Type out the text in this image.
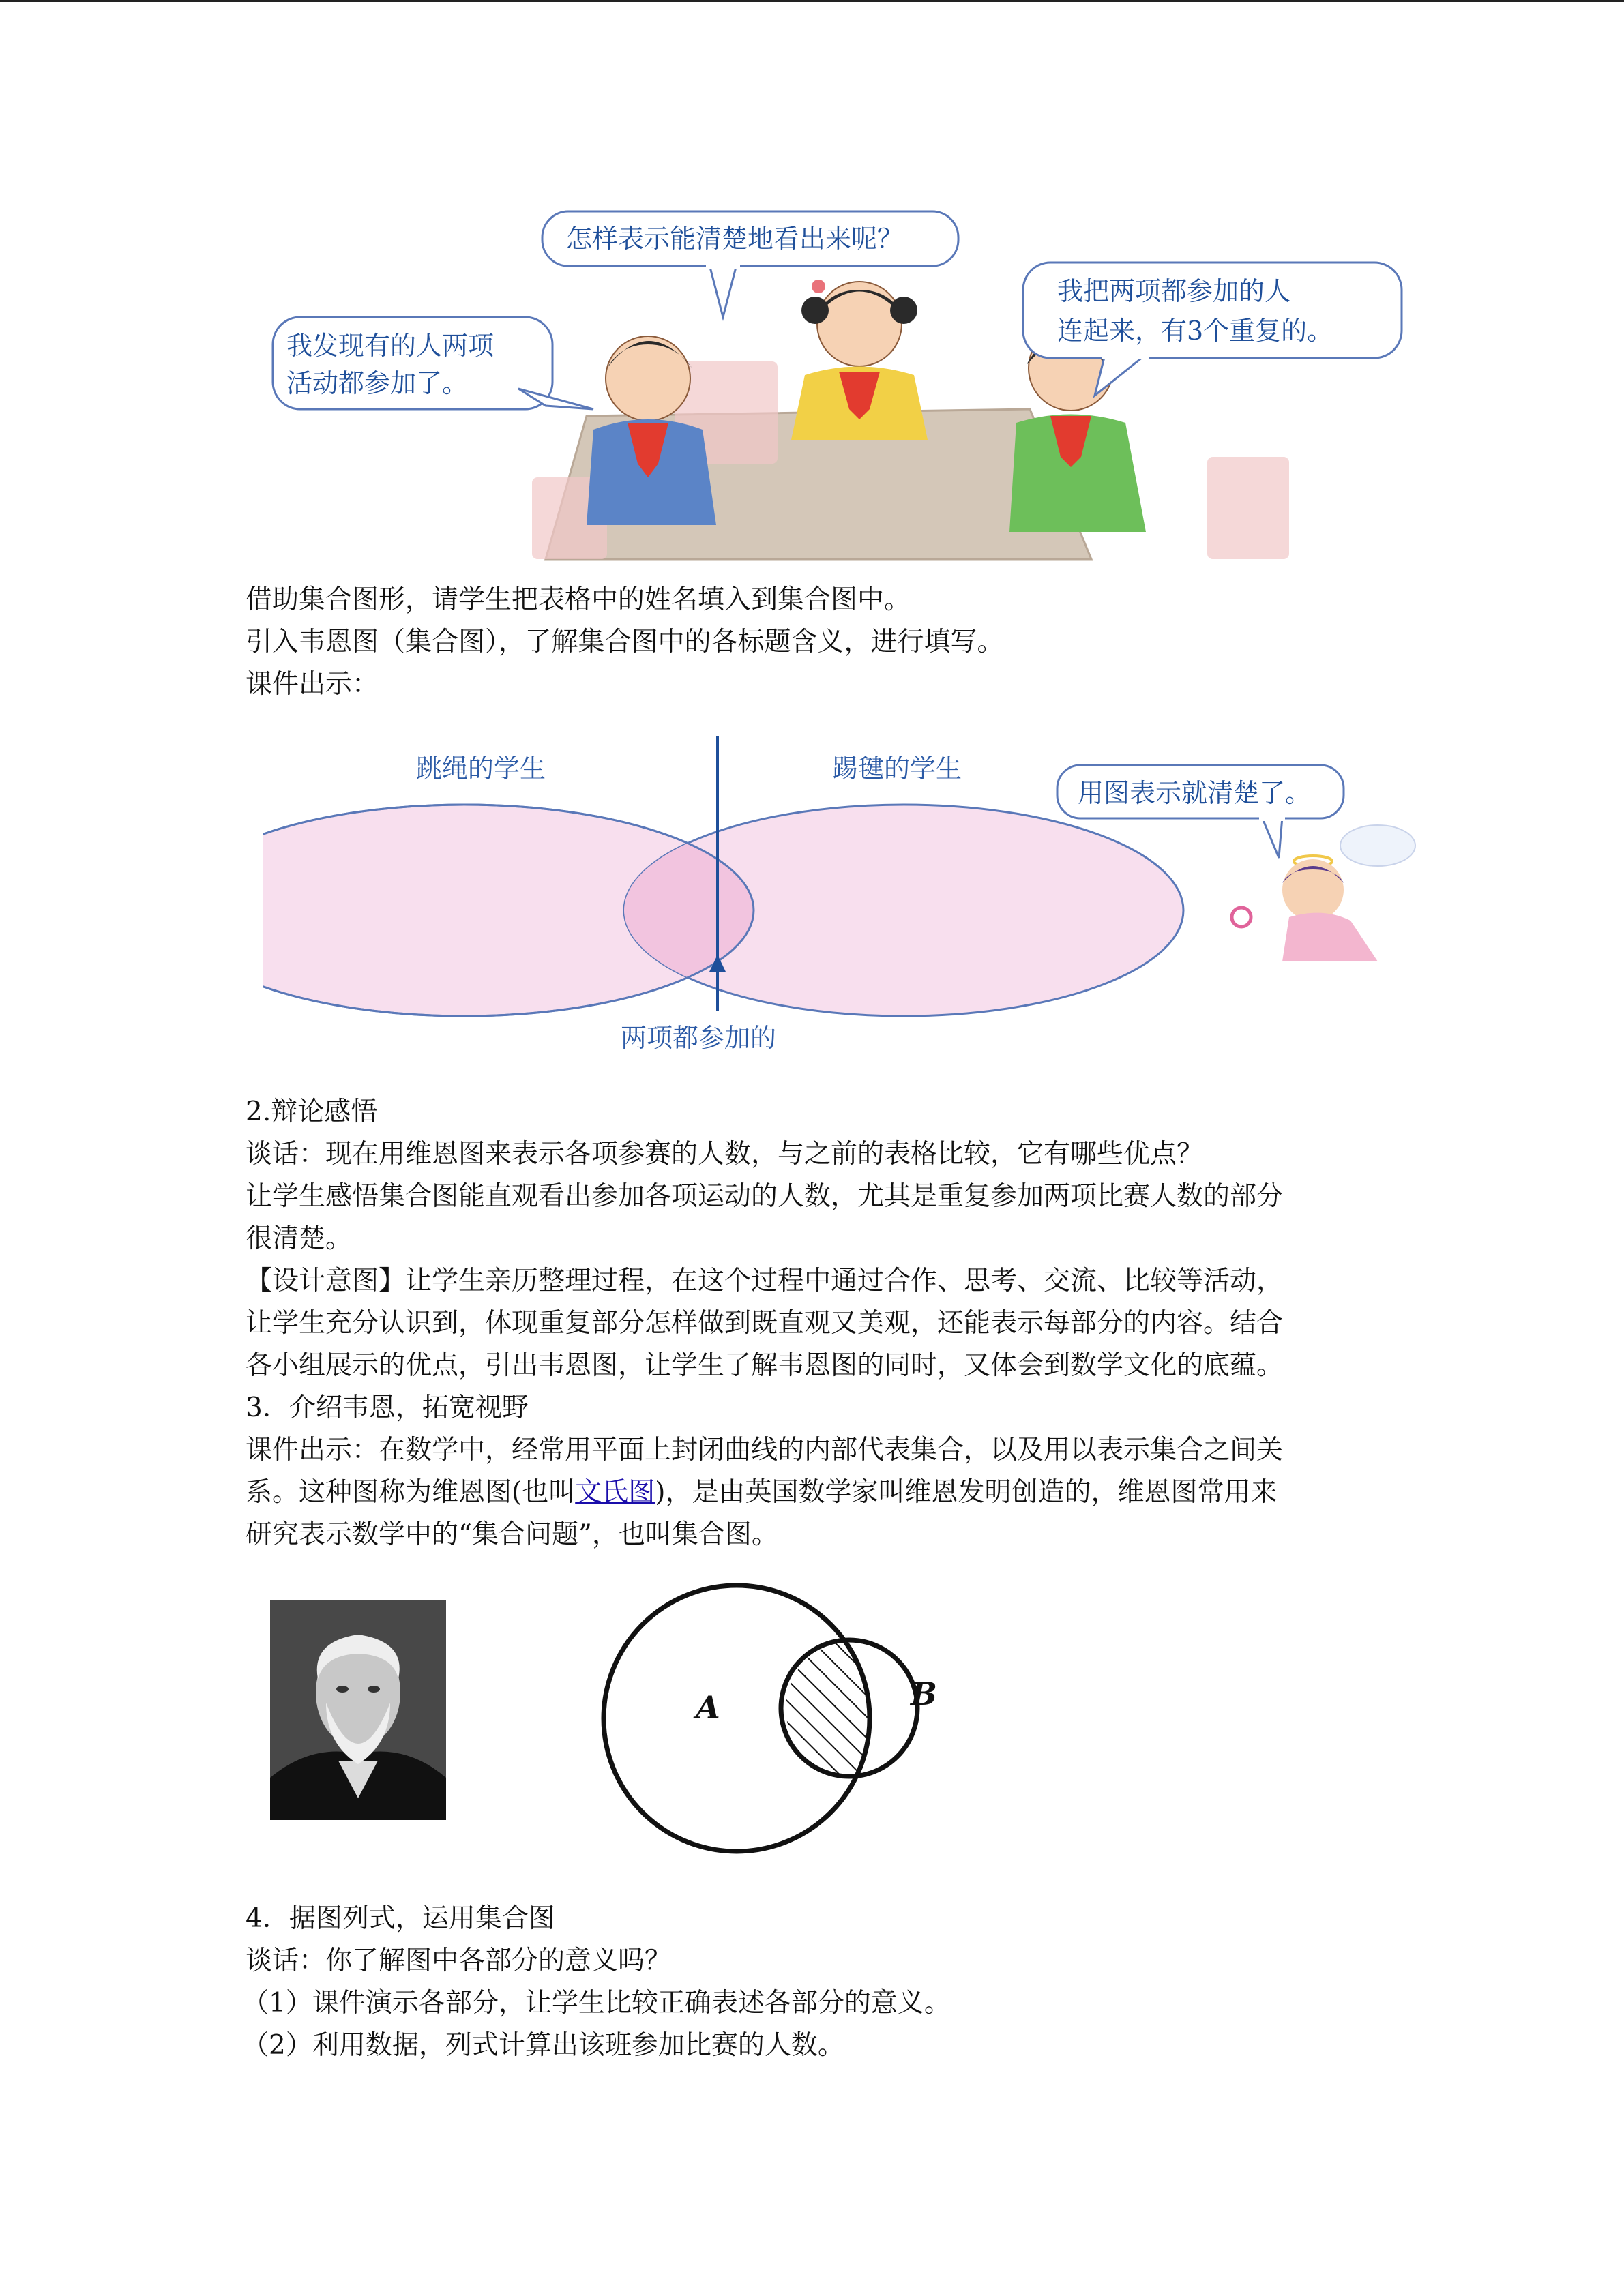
怎样表示能清楚地看出来呢？
我发现有的人两项
活动都参加了。
我把两项都参加的人
连起来，有3个重复的。

借助集合图形，请学生把表格中的姓名填入到集合图中。

引入韦恩图（集合图），了解集合图中的各标题含义，进行填写。

课件出示：

跳绳的学生	踢毽的学生
两项都参加的
用图表示就清楚了。

2.辩论感悟

谈话：现在用维恩图来表示各项参赛的人数，与之前的表格比较，它有哪些优点？

让学生感悟集合图能直观看出参加各项运动的人数，尤其是重复参加两项比赛人数的部分

很清楚。

【设计意图】让学生亲历整理过程，在这个过程中通过合作、思考、交流、比较等活动，

让学生充分认识到，体现重复部分怎样做到既直观又美观，还能表示每部分的内容。结合

各小组展示的优点，引出韦恩图，让学生了解韦恩图的同时，又体会到数学文化的底蕴。

3．介绍韦恩，拓宽视野

课件出示：在数学中，经常用平面上封闭曲线的内部代表集合，以及用以表示集合之间关

系。这种图称为维恩图(也叫文氏图)，是由英国数学家叫维恩发明创造的，维恩图常用来

研究表示数学中的“集合问题”，也叫集合图。

A	B

4．据图列式，运用集合图

谈话：你了解图中各部分的意义吗？

（1）课件演示各部分，让学生比较正确表述各部分的意义。

（2）利用数据，列式计算出该班参加比赛的人数。
